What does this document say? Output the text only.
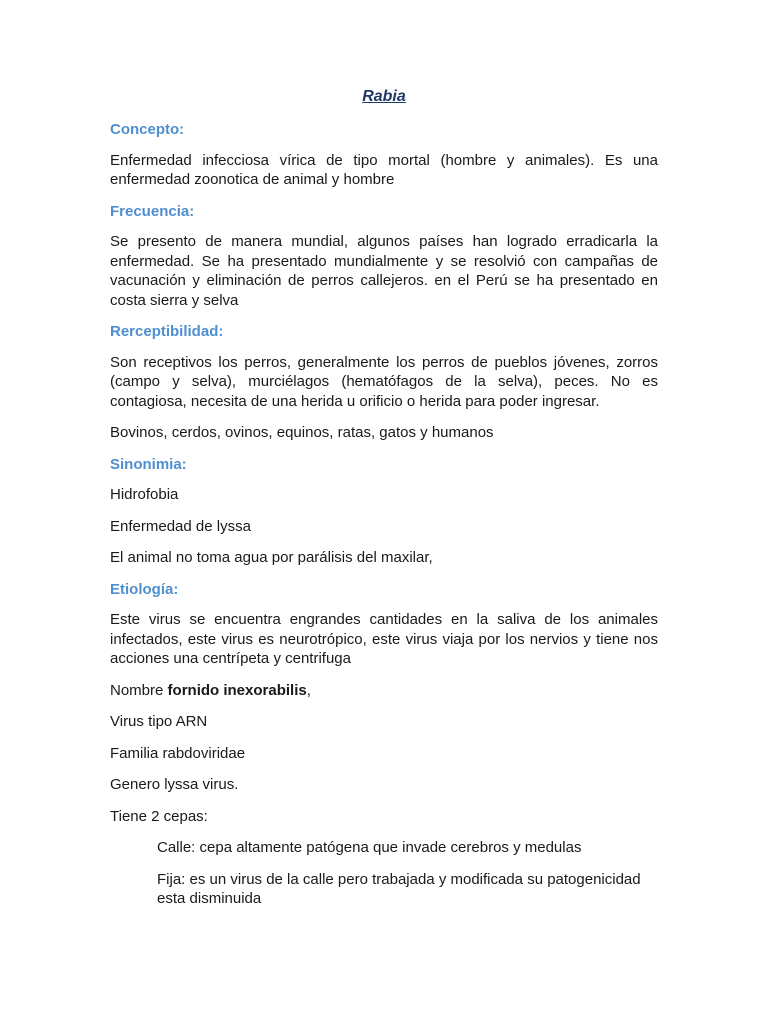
Rabia
Concepto:

Enfermedad infecciosa vírica de tipo mortal (hombre y animales). Es una enfermedad zoonotica de animal y hombre

Frecuencia:

Se presento de manera mundial, algunos países han logrado erradicarla la enfermedad. Se ha presentado mundialmente y se resolvió con campañas de vacunación y eliminación de perros callejeros. en el Perú se ha presentado en costa sierra y selva

Rerceptibilidad:

Son receptivos los perros, generalmente los perros de pueblos jóvenes, zorros (campo y selva), murciélagos (hematófagos de la selva), peces. No es contagiosa, necesita de una herida u orificio o herida para poder ingresar.

Bovinos, cerdos, ovinos, equinos, ratas, gatos y humanos

Sinonimia:

Hidrofobia

Enfermedad de lyssa

El animal no toma agua por parálisis del maxilar,

Etiología:

Este virus se encuentra engrandes cantidades en la saliva de los animales infectados, este virus es neurotrópico, este virus viaja por los nervios y tiene nos acciones una centrípeta y centrifuga

Nombre fornido inexorabilis,

Virus tipo ARN

Familia rabdoviridae

Genero lyssa virus.

Tiene 2 cepas:

Calle: cepa altamente patógena que invade cerebros y medulas

Fija: es un virus de la calle pero trabajada y modificada su patogenicidad esta disminuida
